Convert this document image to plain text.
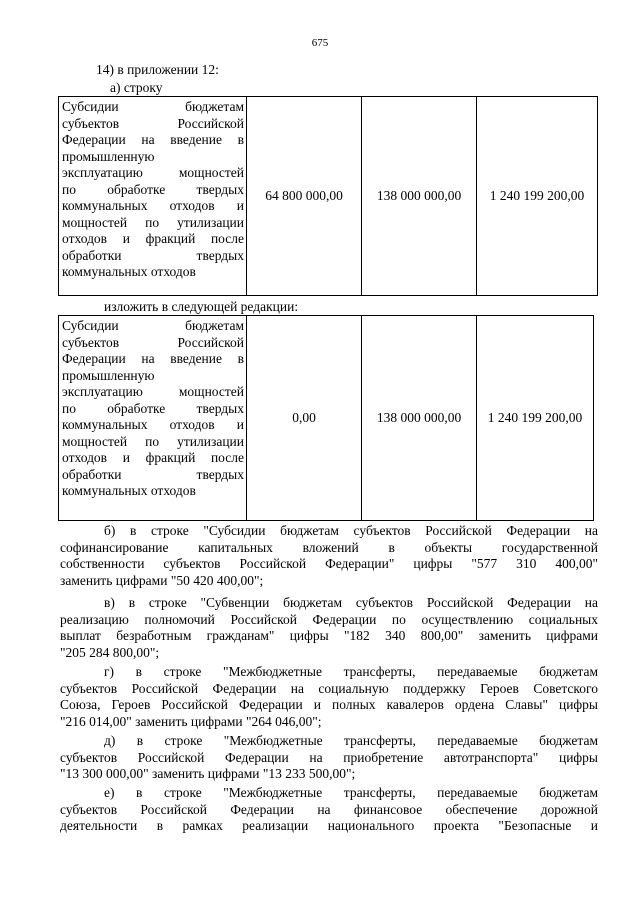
675
14) в приложении 12:
а) строку
Субсидии бюджетам
субъектов Российской
Федерации на введение в
промышленную
эксплуатацию мощностей
по обработке твердых
коммунальных отходов и
мощностей по утилизации
отходов и фракций после
обработки твердых
коммунальных отходов
	64 800 000,00	138 000 000,00	1 240 199 200,00
изложить в следующей редакции:
Субсидии бюджетам
субъектов Российской
Федерации на введение в
промышленную
эксплуатацию мощностей
по обработке твердых
коммунальных отходов и
мощностей по утилизации
отходов и фракций после
обработки твердых
коммунальных отходов
	0,00	138 000 000,00	1 240 199 200,00
б) в строке "Субсидии бюджетам субъектов Российской Федерации на
софинансирование капитальных вложений в объекты государственной
собственности субъектов Российской Федерации" цифры "577 310 400,00"
заменить цифрами "50 420 400,00";
в) в строке "Субвенции бюджетам субъектов Российской Федерации на
реализацию полномочий Российской Федерации по осуществлению социальных
выплат безработным гражданам" цифры "182 340 800,00" заменить цифрами
"205 284 800,00";
г) в строке "Межбюджетные трансферты, передаваемые бюджетам
субъектов Российской Федерации на социальную поддержку Героев Советского
Союза, Героев Российской Федерации и полных кавалеров ордена Славы" цифры
"216 014,00" заменить цифрами "264 046,00";
д) в строке "Межбюджетные трансферты, передаваемые бюджетам
субъектов Российской Федерации на приобретение автотранспорта" цифры
"13 300 000,00" заменить цифрами "13 233 500,00";
е) в строке "Межбюджетные трансферты, передаваемые бюджетам
субъектов Российской Федерации на финансовое обеспечение дорожной
деятельности в рамках реализации национального проекта "Безопасные и
